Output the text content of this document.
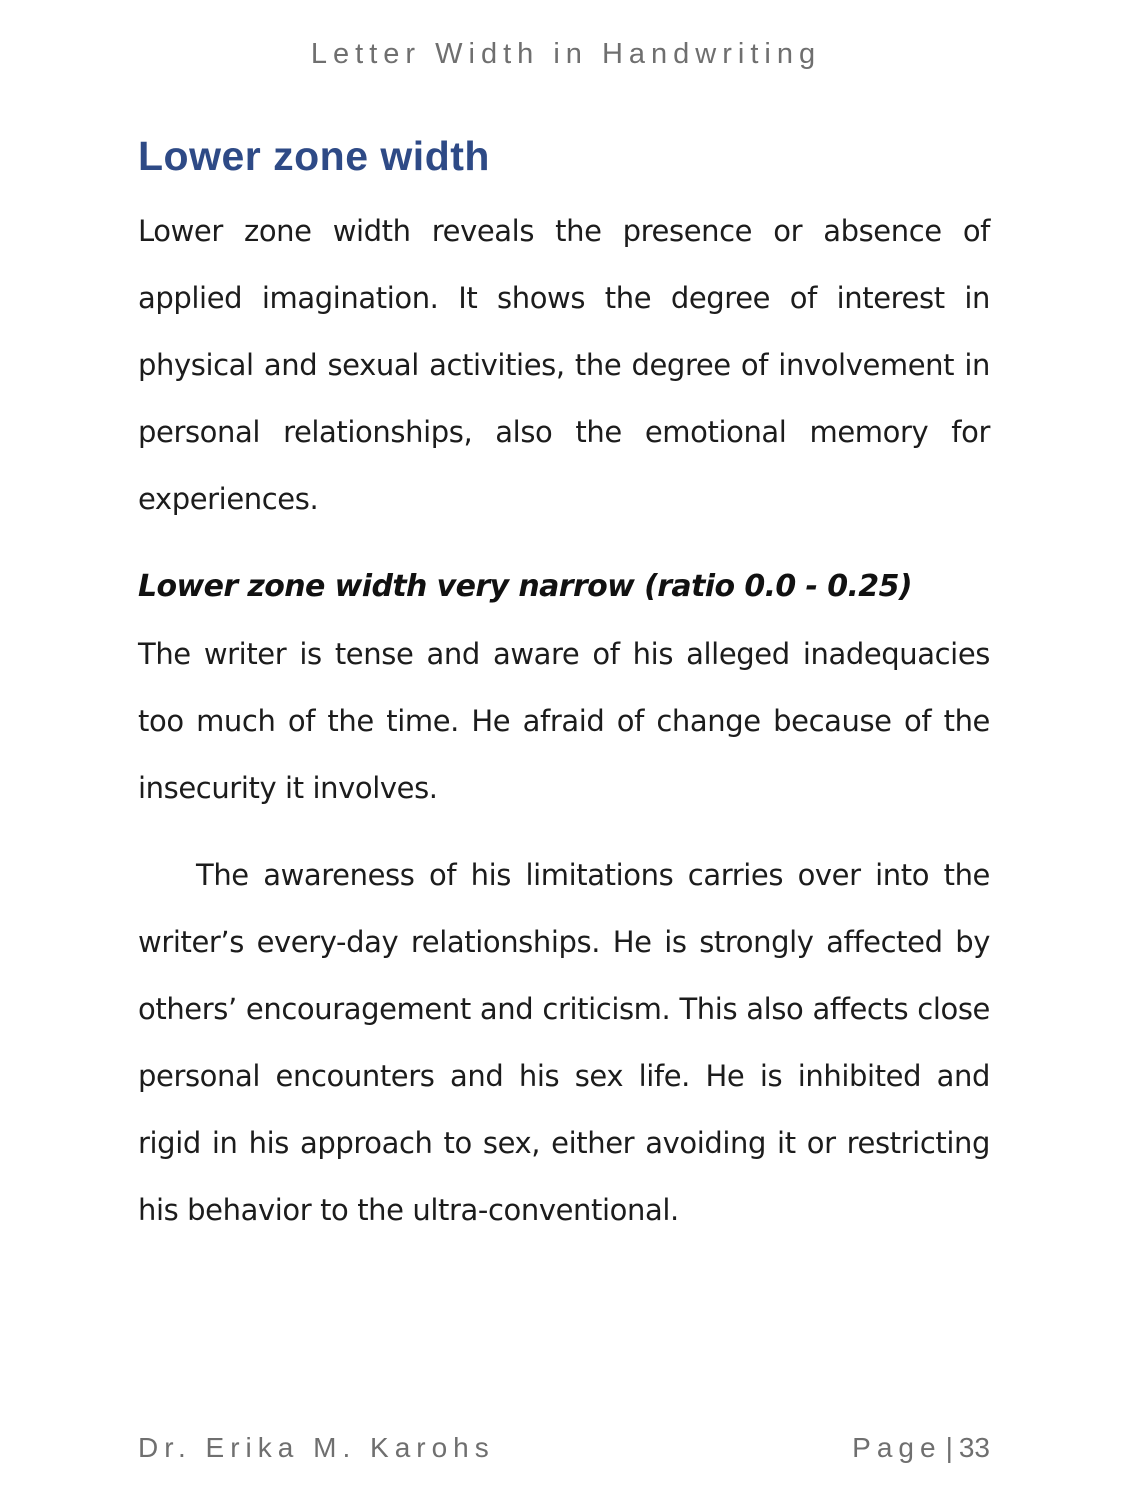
Letter Width in Handwriting
Lower zone width

Lower zone width reveals the presence or absence of applied imagination. It shows the degree of interest in physical and sexual activities, the degree of involvement in personal relationships, also the emotional memory for experiences.

Lower zone width very narrow (ratio 0.0 - 0.25)

The writer is tense and aware of his alleged inadequacies too much of the time. He afraid of change because of the insecurity it involves.

The awareness of his limitations carries over into the writer’s every-day relationships. He is strongly affected by others’ encouragement and criticism. This also affects close personal encounters and his sex life. He is inhibited and rigid in his approach to sex, either avoiding it or restricting his behavior to the ultra-conventional.

Dr. Erika M. Karohs	Page | 33
